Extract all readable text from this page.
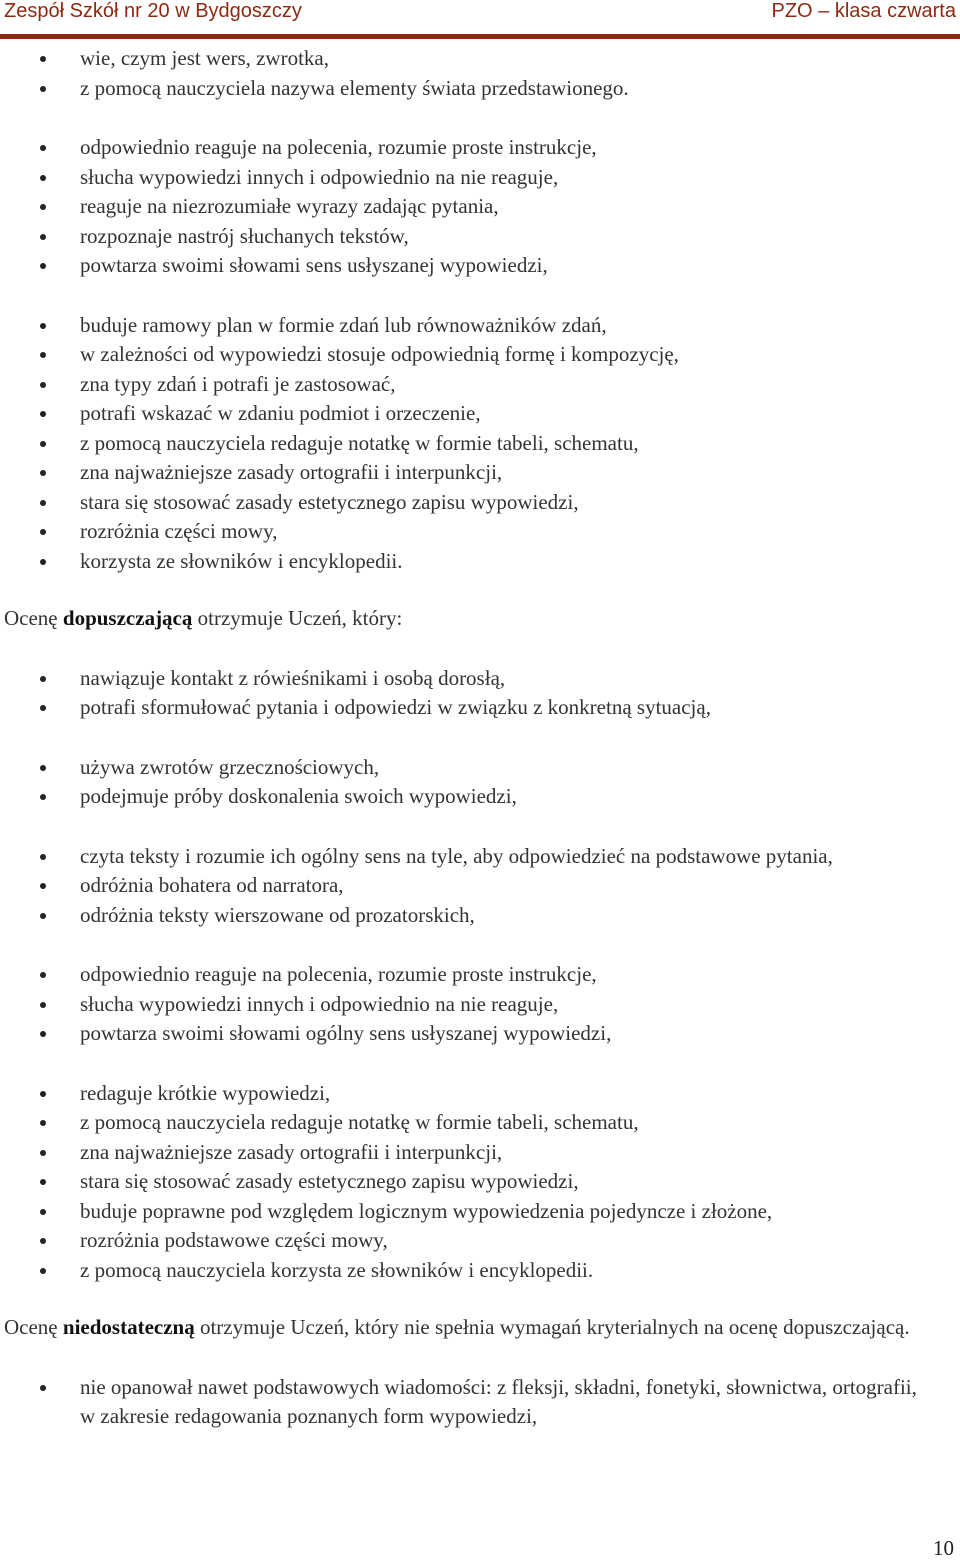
Zespół Szkół nr 20 w Bydgoszczy	PZO – klasa czwarta
wie, czym jest wers, zwrotka,
z pomocą nauczyciela nazywa elementy świata przedstawionego.
odpowiednio reaguje na polecenia, rozumie proste instrukcje,
słucha wypowiedzi innych i odpowiednio na nie reaguje,
reaguje na niezrozumiałe wyrazy zadając pytania,
rozpoznaje nastrój słuchanych tekstów,
powtarza swoimi słowami sens usłyszanej wypowiedzi,
buduje ramowy plan w formie zdań lub równoważników zdań,
w zależności od wypowiedzi stosuje odpowiednią formę i kompozycję,
zna typy zdań i potrafi je zastosować,
potrafi wskazać w zdaniu podmiot i orzeczenie,
z pomocą nauczyciela redaguje notatkę w formie tabeli, schematu,
zna najważniejsze zasady ortografii i interpunkcji,
stara się stosować zasady estetycznego zapisu wypowiedzi,
rozróżnia części mowy,
korzysta ze słowników i encyklopedii.
Ocenę dopuszczającą otrzymuje Uczeń, który:
nawiązuje kontakt z rówieśnikami i osobą dorosłą,
potrafi sformułować pytania i odpowiedzi w związku z konkretną sytuacją,
używa zwrotów grzecznościowych,
podejmuje próby doskonalenia swoich wypowiedzi,
czyta teksty i rozumie ich ogólny sens na tyle, aby odpowiedzieć na podstawowe pytania,
odróżnia bohatera od narratora,
odróżnia teksty wierszowane od prozatorskich,
odpowiednio reaguje na polecenia, rozumie proste instrukcje,
słucha wypowiedzi innych i odpowiednio na nie reaguje,
powtarza swoimi słowami ogólny sens usłyszanej wypowiedzi,
redaguje krótkie wypowiedzi,
z pomocą nauczyciela redaguje notatkę w formie tabeli, schematu,
zna najważniejsze zasady ortografii i interpunkcji,
stara się stosować zasady estetycznego zapisu wypowiedzi,
buduje poprawne pod względem logicznym wypowiedzenia pojedyncze i złożone,
rozróżnia podstawowe części mowy,
z pomocą nauczyciela korzysta ze słowników i encyklopedii.
Ocenę niedostateczną otrzymuje Uczeń, który nie spełnia wymagań kryterialnych na ocenę dopuszczającą.
nie opanował nawet podstawowych wiadomości: z fleksji, składni, fonetyki, słownictwa, ortografii, w zakresie redagowania poznanych form wypowiedzi,
10
